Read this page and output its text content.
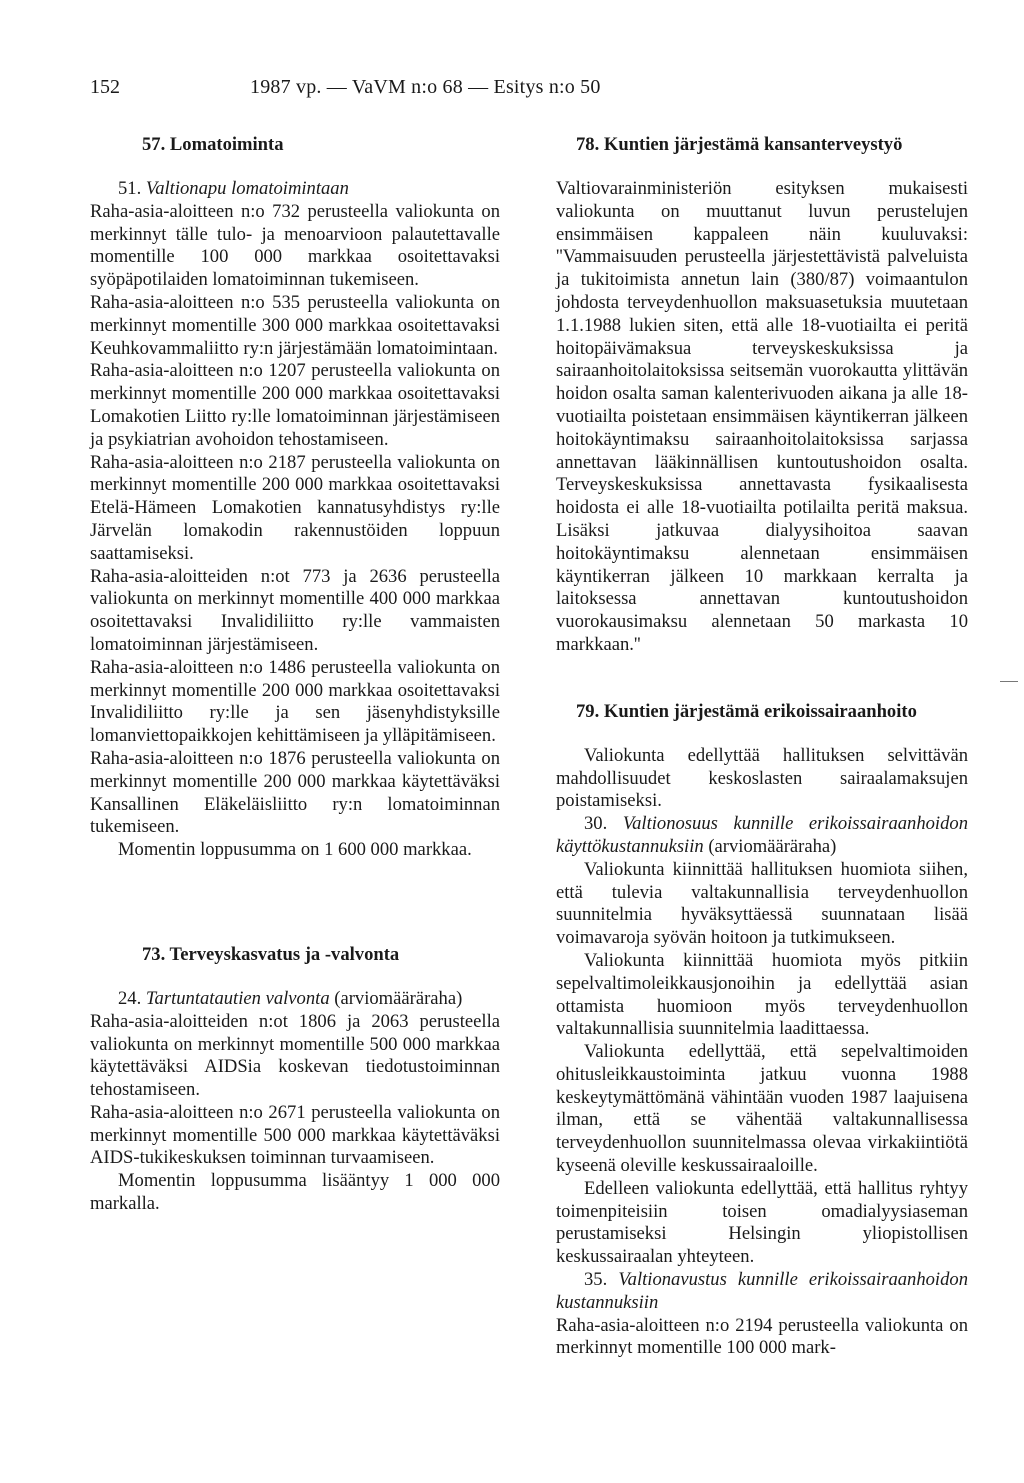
152	1987 vp. — VaVM n:o 68 — Esitys n:o 50
57. Lomatoiminta

51. Valtionapu lomatoimintaan

Raha-asia-aloitteen n:o 732 perusteella valiokunta on merkinnyt tälle tulo- ja menoarvioon palautettavalle momentille 100 000 markkaa osoitettavaksi syöpäpotilaiden lomatoiminnan tukemiseen.

Raha-asia-aloitteen n:o 535 perusteella valiokunta on merkinnyt momentille 300 000 markkaa osoitettavaksi Keuhkovammaliitto ry:n järjestämään lomatoimintaan.

Raha-asia-aloitteen n:o 1207 perusteella valiokunta on merkinnyt momentille 200 000 markkaa osoitettavaksi Lomakotien Liitto ry:lle lomatoiminnan järjestämiseen ja psykiatrian avohoidon tehostamiseen.

Raha-asia-aloitteen n:o 2187 perusteella valiokunta on merkinnyt momentille 200 000 markkaa osoitettavaksi Etelä-Hämeen Lomakotien kannatusyhdistys ry:lle Järvelän lomakodin rakennustöiden loppuun saattamiseksi.

Raha-asia-aloitteiden n:ot 773 ja 2636 perusteella valiokunta on merkinnyt momentille 400 000 markkaa osoitettavaksi Invalidiliitto ry:lle vammaisten lomatoiminnan järjestämiseen.

Raha-asia-aloitteen n:o 1486 perusteella valiokunta on merkinnyt momentille 200 000 markkaa osoitettavaksi Invalidiliitto ry:lle ja sen jäsenyhdistyksille lomanviettopaikkojen kehittämiseen ja ylläpitämiseen.

Raha-asia-aloitteen n:o 1876 perusteella valiokunta on merkinnyt momentille 200 000 markkaa käytettäväksi Kansallinen Eläkeläisliitto ry:n lomatoiminnan tukemiseen.

Momentin loppusumma on 1 600 000 markkaa.

73. Terveyskasvatus ja -valvonta

24. Tartuntatautien valvonta (arviomääräraha)

Raha-asia-aloitteiden n:ot 1806 ja 2063 perusteella valiokunta on merkinnyt momentille 500 000 markkaa käytettäväksi AIDSia koskevan tiedotustoiminnan tehostamiseen.

Raha-asia-aloitteen n:o 2671 perusteella valiokunta on merkinnyt momentille 500 000 markkaa käytettäväksi AIDS-tukikeskuksen toiminnan turvaamiseen.

Momentin loppusumma lisääntyy 1 000 000 markalla.

78. Kuntien järjestämä kansanterveystyö

Valtiovarainministeriön esityksen mukaisesti valiokunta on muuttanut luvun perustelujen ensimmäisen kappaleen näin kuuluvaksi: ''Vammaisuuden perusteella järjestettävistä palveluista ja tukitoimista annetun lain (380/87) voimaantulon johdosta terveydenhuollon maksuasetuksia muutetaan 1.1.1988 lukien siten, että alle 18-vuotiailta ei peritä hoitopäivämaksua terveyskeskuksissa ja sairaanhoitolaitoksissa seitsemän vuorokautta ylittävän hoidon osalta saman kalenterivuoden aikana ja alle 18-vuotiailta poistetaan ensimmäisen käyntikerran jälkeen hoitokäyntimaksu sairaanhoitolaitoksissa sarjassa annettavan lääkinnällisen kuntoutushoidon osalta. Terveyskeskuksissa annettavasta fysikaalisesta hoidosta ei alle 18-vuotiailta potilailta peritä maksua. Lisäksi jatkuvaa dialyysihoitoa saavan hoitokäyntimaksu alennetaan ensimmäisen käyntikerran jälkeen 10 markkaan kerralta ja laitoksessa annettavan kuntoutushoidon vuorokausimaksu alennetaan 50 markasta 10 markkaan.''

79. Kuntien järjestämä erikoissairaanhoito

Valiokunta edellyttää hallituksen selvittävän mahdollisuudet keskoslasten sairaalamaksujen poistamiseksi.

30. Valtionosuus kunnille erikoissairaanhoidon käyttökustannuksiin (arviomääräraha)

Valiokunta kiinnittää hallituksen huomiota siihen, että tulevia valtakunnallisia terveydenhuollon suunnitelmia hyväksyttäessä suunnataan lisää voimavaroja syövän hoitoon ja tutkimukseen.

Valiokunta kiinnittää huomiota myös pitkiin sepelvaltimoleikkausjonoihin ja edellyttää asian ottamista huomioon myös terveydenhuollon valtakunnallisia suunnitelmia laadittaessa.

Valiokunta edellyttää, että sepelvaltimoiden ohitusleikkaustoiminta jatkuu vuonna 1988 keskeytymättömänä vähintään vuoden 1987 laajuisena ilman, että se vähentää valtakunnallisessa terveydenhuollon suunnitelmassa olevaa virkakiintiötä kyseenä oleville keskussairaaloille.

Edelleen valiokunta edellyttää, että hallitus ryhtyy toimenpiteisiin toisen omadialyysiaseman perustamiseksi Helsingin yliopistollisen keskussairaalan yhteyteen.

35. Valtionavustus kunnille erikoissairaanhoidon kustannuksiin

Raha-asia-aloitteen n:o 2194 perusteella valiokunta on merkinnyt momentille 100 000 mark-
